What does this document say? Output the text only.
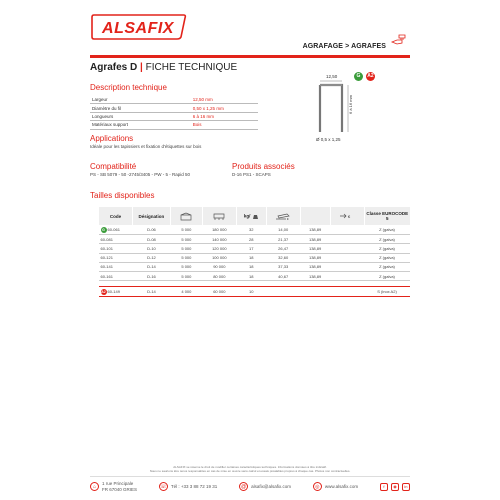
ALSAFIX
AGRAFAGE > AGRAFES
Agrafes D | FICHE TECHNIQUE
Description technique
Largeur	12,50 mm
Diamètre du fil	0,50 x 1,25 mm
Longueurs	6 à 16 mm
Matériaux support	Bois
12,50
6 à 16 mm
Ø 0,5 x 1,25
G	A2
Applications
Idéale pour les tapissiers et fixation d'étiquettes sur bois
Compatibilité
PS - SB 5079 - 50 -2745/3405 - PW - 5 - Rapid 50
Produits associés
D-16 PS1 - SCAPS
Tailles disponibles
Code	Désignation			kg/	€		€	Classe EUROCODE 5
G 60-061	D-06	5 000	180 000	32	14,00	138,89		Z (galva)
60-081	D-08	5 000	140 000	28	21,37	138,89		Z (galva)
60-101	D-10	5 000	120 000	17	26,47	138,89		Z (galva)
60-121	D-12	5 000	100 000	18	32,60	138,89		Z (galva)
60-141	D-14	5 000	90 000	18	37,33	138,89		Z (galva)
60-161	D-16	5 000	80 000	18	40,67	138,89		Z (galva)

A2 60-149	D-14	4 000	60 000	10				S (inox A2)
ALSAFIX se réserve le droit de modifier certaines caractéristiques techniques. Informations données à titre indicatif.
Nous ne saurions être tenus responsables en cas de mise en œuvre sans calcul et essais préalables propres à chaque cas. Photos non contractuelles.
⌂	1 rue Principale
FR 67040 GRIES	☏ Tél : +33 3 88 72 19 31	@	alsafix@alsafix.com	◎	www.alsafix.com	f	◉	in
